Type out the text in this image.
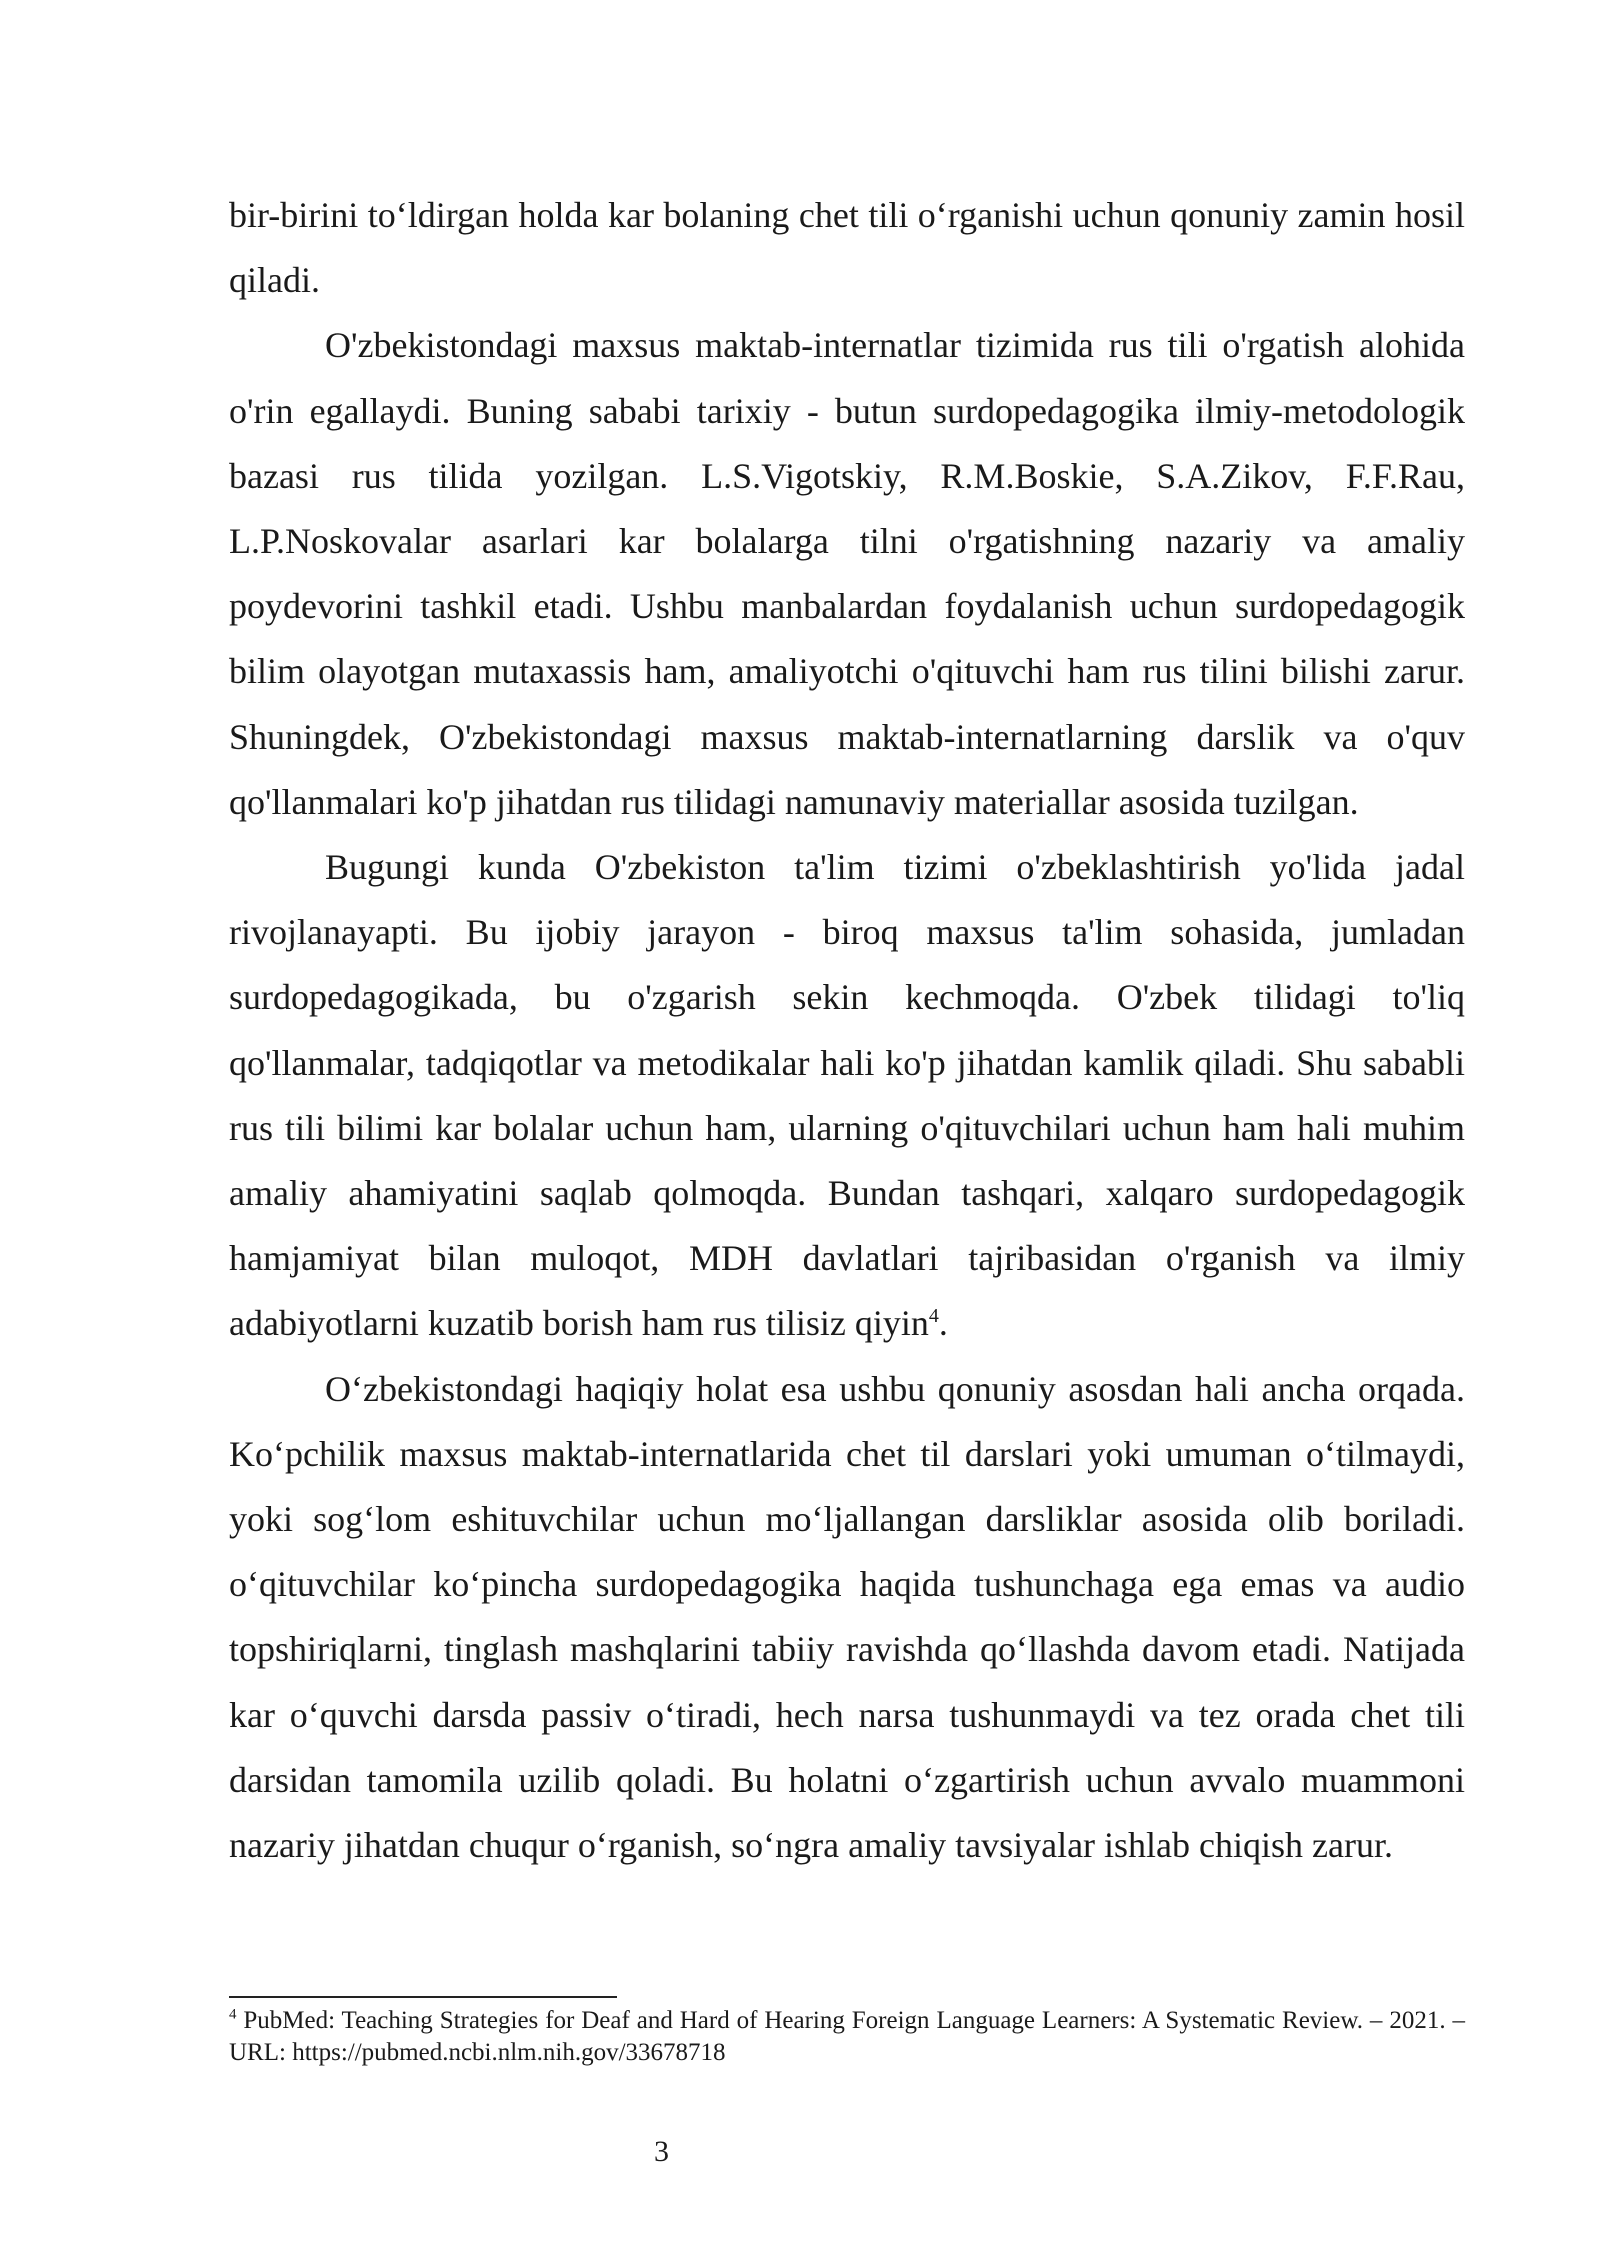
bir-birini to‘ldirgan holda kar bolaning chet tili o‘rganishi uchun qonuniy zamin hosil qiladi.

O'zbekistondagi maxsus maktab-internatlar tizimida rus tili o'rgatish alohida o'rin egallaydi. Buning sababi tarixiy - butun surdopedagogika ilmiy-metodologik bazasi rus tilida yozilgan. L.S.Vigotskiy, R.M.Boskie, S.A.Zikov, F.F.Rau, L.P.Noskovalar asarlari kar bolalarga tilni o'rgatishning nazariy va amaliy poydevorini tashkil etadi. Ushbu manbalardan foydalanish uchun surdopedagogik bilim olayotgan mutaxassis ham, amaliyotchi o'qituvchi ham rus tilini bilishi zarur. Shuningdek, O'zbekistondagi maxsus maktab-internatlarning darslik va o'quv qo'llanmalari ko'p jihatdan rus tilidagi namunaviy materiallar asosida tuzilgan.

Bugungi kunda O'zbekiston ta'lim tizimi o'zbeklashtirish yo'lida jadal rivojlanayapti. Bu ijobiy jarayon - biroq maxsus ta'lim sohasida, jumladan surdopedagogikada, bu o'zgarish sekin kechmoqda. O'zbek tilidagi to'liq qo'llanmalar, tadqiqotlar va metodikalar hali ko'p jihatdan kamlik qiladi. Shu sababli rus tili bilimi kar bolalar uchun ham, ularning o'qituvchilari uchun ham hali muhim amaliy ahamiyatini saqlab qolmoqda. Bundan tashqari, xalqaro surdopedagogik hamjamiyat bilan muloqot, MDH davlatlari tajribasidan o'rganish va ilmiy adabiyotlarni kuzatib borish ham rus tilisiz qiyin$^4$.

O‘zbekistondagi haqiqiy holat esa ushbu qonuniy asosdan hali ancha orqada. Ko‘pchilik maxsus maktab-internatlarida chet til darslari yoki umuman o‘tilmaydi, yoki sog‘lom eshituvchilar uchun mo‘ljallangan darsliklar asosida olib boriladi. o‘qituvchilar ko‘pincha surdopedagogika haqida tushunchaga ega emas va audio topshiriqlarni, tinglash mashqlarini tabiiy ravishda qo‘llashda davom etadi. Natijada kar o‘quvchi darsda passiv o‘tiradi, hech narsa tushunmaydi va tez orada chet tili darsidan tamomila uzilib qoladi. Bu holatni o‘zgartirish uchun avvalo muammoni nazariy jihatdan chuqur o‘rganish, so‘ngra amaliy tavsiyalar ishlab chiqish zarur.

$^4$ PubMed: Teaching Strategies for Deaf and Hard of Hearing Foreign Language Learners: A Systematic Review. – 2021. – URL: https://pubmed.ncbi.nlm.nih.gov/33678718
3
